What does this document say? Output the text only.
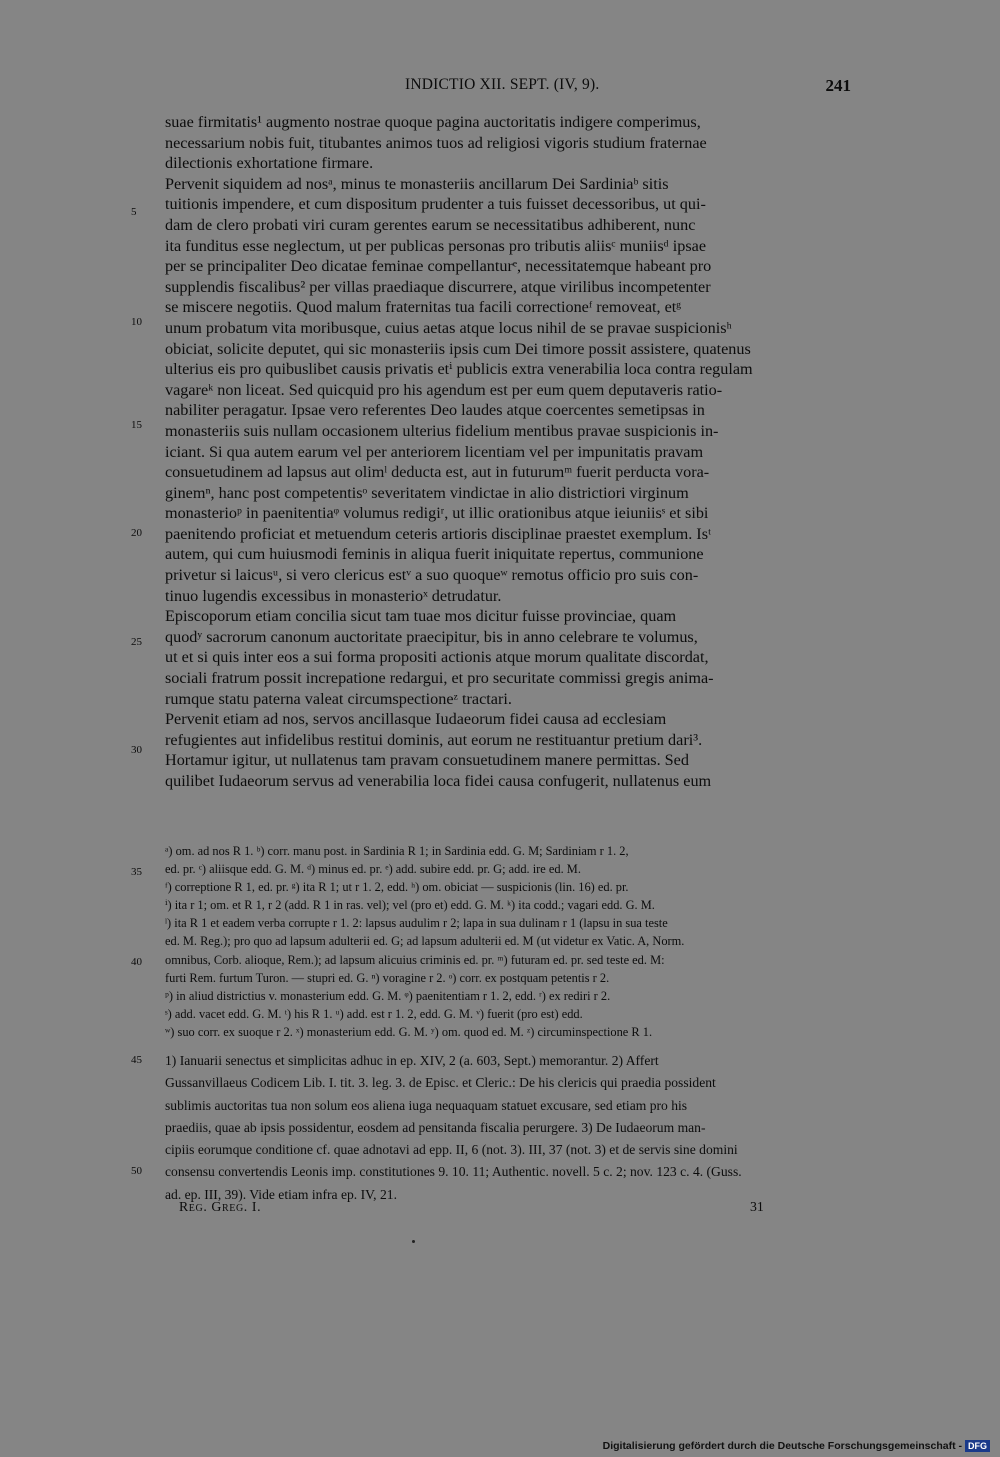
INDICTIO XII. SEPT. (IV, 9).	241
5
10
15
20
25
30
suae firmitatis¹ augmento nostrae quoque pagina auctoritatis indigere comperimus,
necessarium nobis fuit, titubantes animos tuos ad religiosi vigoris studium fraternae
dilectionis exhortatione firmare.
Pervenit siquidem ad nosᵃ, minus te monasteriis ancillarum Dei Sardiniaᵇ sitis
tuitionis impendere, et cum dispositum prudenter a tuis fuisset decessoribus, ut qui-
dam de clero probati viri curam gerentes earum se necessitatibus adhiberent, nunc
ita funditus esse neglectum, ut per publicas personas pro tributis aliisᶜ muniisᵈ ipsae
per se principaliter Deo dicatae feminae compellanturᵉ, necessitatemque habeant pro
supplendis fiscalibus² per villas praediaque discurrere, atque virilibus incompetenter
se miscere negotiis. Quod malum fraternitas tua facili correctioneᶠ removeat, etᵍ
unum probatum vita moribusque, cuius aetas atque locus nihil de se pravae suspicionisʰ
obiciat, solicite deputet, qui sic monasteriis ipsis cum Dei timore possit assistere, quatenus
ulterius eis pro quibuslibet causis privatis etⁱ publicis extra venerabilia loca contra regulam
vagareᵏ non liceat. Sed quicquid pro his agendum est per eum quem deputaveris ratio-
nabiliter peragatur. Ipsae vero referentes Deo laudes atque coercentes semetipsas in
monasteriis suis nullam occasionem ulterius fidelium mentibus pravae suspicionis in-
iciant. Si qua autem earum vel per anteriorem licentiam vel per impunitatis pravam
consuetudinem ad lapsus aut olimˡ deducta est, aut in futurumᵐ fuerit perducta vora-
ginemⁿ, hanc post competentisᵒ severitatem vindictae in alio districtiori virginum
monasterioᵖ in paenitentiaᵠ volumus redigiʳ, ut illic orationibus atque ieiuniisˢ et sibi
paenitendo proficiat et metuendum ceteris artioris disciplinae praestet exemplum. Isᵗ
autem, qui cum huiusmodi feminis in aliqua fuerit iniquitate repertus, communione
privetur si laicusᵘ, si vero clericus estᵛ a suo quoqueʷ remotus officio pro suis con-
tinuo lugendis excessibus in monasterioˣ detrudatur.
Episcoporum etiam concilia sicut tam tuae mos dicitur fuisse provinciae, quam
quodʸ sacrorum canonum auctoritate praecipitur, bis in anno celebrare te volumus,
ut et si quis inter eos a sui forma propositi actionis atque morum qualitate discordat,
sociali fratrum possit increpatione redargui, et pro securitate commissi gregis anima-
rumque statu paterna valeat circumspectioneᶻ tractari.
Pervenit etiam ad nos, servos ancillasque Iudaeorum fidei causa ad ecclesiam
refugientes aut infidelibus restitui dominis, aut eorum ne restituantur pretium dari³.
Hortamur igitur, ut nullatenus tam pravam consuetudinem manere permittas. Sed
quilibet Iudaeorum servus ad venerabilia loca fidei causa confugerit, nullatenus eum
35
40
ᵃ) om. ad nos R 1. ᵇ) corr. manu post. in Sardinia R 1; in Sardinia edd. G. M; Sardiniam r 1. 2,
ed. pr. ᶜ) aliisque edd. G. M. ᵈ) minus ed. pr. ᵉ) add. subire edd. pr. G; add. ire ed. M.
ᶠ) correptione R 1, ed. pr. ᵍ) ita R 1; ut r 1. 2, edd. ʰ) om. obiciat — suspicionis (lin. 16) ed. pr.
ⁱ) ita r 1; om. et R 1, r 2 (add. R 1 in ras. vel); vel (pro et) edd. G. M. ᵏ) ita codd.; vagari edd. G. M.
ˡ) ita R 1 et eadem verba corrupte r 1. 2: lapsus audulim r 2; lapa in sua dulinam r 1 (lapsu in sua teste
ed. M. Reg.); pro quo ad lapsum adulterii ed. G; ad lapsum adulterii ed. M (ut videtur ex Vatic. A, Norm.
omnibus, Corb. alioque, Rem.); ad lapsum alicuius criminis ed. pr. ᵐ) futuram ed. pr. sed teste ed. M:
furti Rem. furtum Turon. — stupri ed. G. ⁿ) voragine r 2. ᵒ) corr. ex postquam petentis r 2.
ᵖ) in aliud districtius v. monasterium edd. G. M. ᵠ) paenitentiam r 1. 2, edd. ʳ) ex rediri r 2.
ˢ) add. vacet edd. G. M. ᵗ) his R 1. ᵘ) add. est r 1. 2, edd. G. M. ᵛ) fuerit (pro est) edd.
ʷ) suo corr. ex suoque r 2. ˣ) monasterium edd. G. M. ʸ) om. quod ed. M. ᶻ) circuminspectione R 1.
45
50
1) Ianuarii senectus et simplicitas adhuc in ep. XIV, 2 (a. 603, Sept.) memorantur. 2) Affert
Gussanvillaeus Codicem Lib. I. tit. 3. leg. 3. de Episc. et Cleric.: De his clericis qui praedia possident
sublimis auctoritas tua non solum eos aliena iuga nequaquam statuet excusare, sed etiam pro his
praediis, quae ab ipsis possidentur, eosdem ad pensitanda fiscalia perurgere. 3) De Iudaeorum man-
cipiis eorumque conditione cf. quae adnotavi ad epp. II, 6 (not. 3). III, 37 (not. 3) et de servis sine domini
consensu convertendis Leonis imp. constitutiones 9. 10. 11; Authentic. novell. 5 c. 2; nov. 123 c. 4. (Guss.
ad. ep. III, 39). Vide etiam infra ep. IV, 21.
Reg. Greg. I.	31
Digitalisierung gefördert durch die Deutsche Forschungsgemeinschaft - DFG
